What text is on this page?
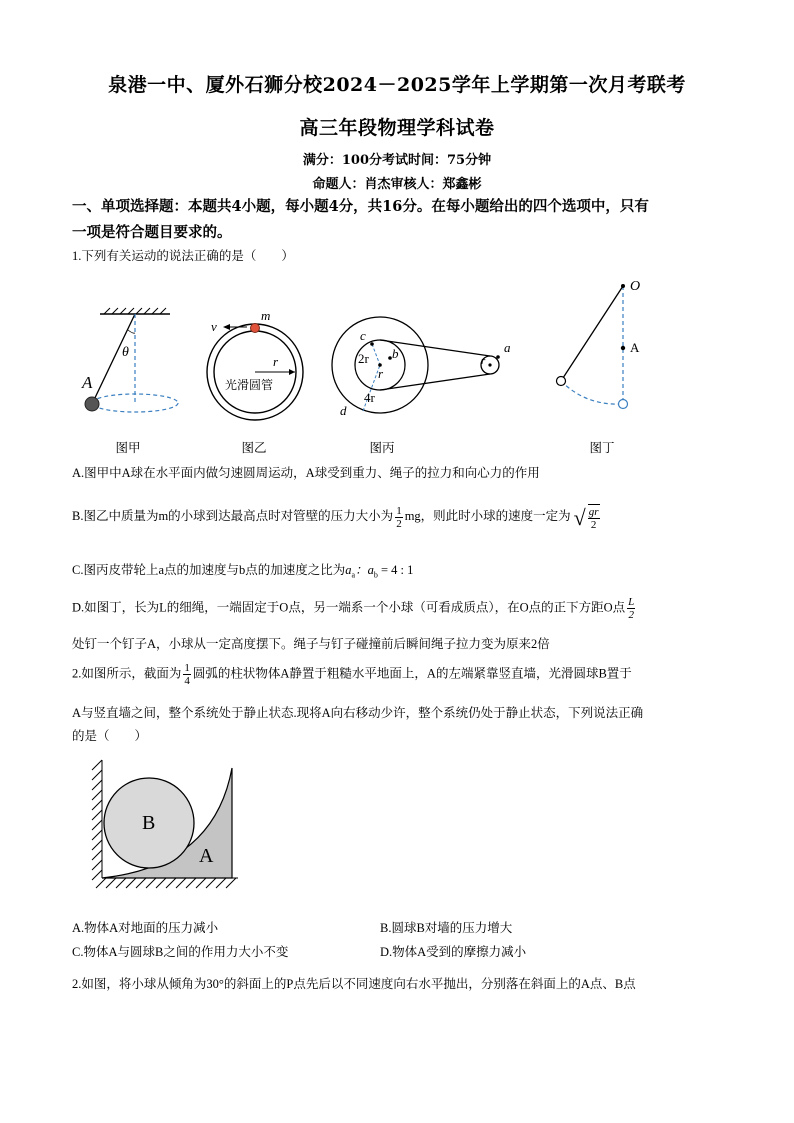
泉港一中、厦外石狮分校2024－2025学年上学期第一次月考联考
高三年段物理学科试卷
满分：100分考试时间：75分钟
命题人：肖杰审核人：郑鑫彬
一、单项选择题：本题共4小题，每小题4分，共16分。在每小题给出的四个选项中，只有
一项是符合题目要求的。
1.下列有关运动的说法正确的是（　　）
θ
A
图甲
v
m
r
光滑圆管
图乙
c
2r b
r
4r
d
a
r
图丙
O
A
图丁
A.图甲中A球在水平面内做匀速圆周运动，A球受到重力、绳子的拉力和向心力的作用
B.图乙中质量为m的小球到达最高点时对管壁的压力大小为 $\frac{1}{2}$ mg，则此时小球的速度一定为 √ $\frac{gr}{2}$
C.图丙皮带轮上a点的加速度与b点的加速度之比为$a_a$：$a_b = 4$ : 1
D.如图丁，长为L的细绳，一端固定于O点，另一端系一个小球（可看成质点），在O点的正下方距O点 $\frac{L}{2}$
处钉一个钉子A，小球从一定高度摆下。绳子与钉子碰撞前后瞬间绳子拉力变为原来2倍
2.如图所示，截面为 $\frac{1}{4}$ 圆弧的柱状物体A静置于粗糙水平地面上，A的左端紧靠竖直墙，光滑圆球B置于
A与竖直墙之间，整个系统处于静止状态.现将A向右移动少许，整个系统仍处于静止状态，下列说法正确
的是（　　）
B
A
A.物体A对地面的压力减小	B.圆球B对墙的压力增大
C.物体A与圆球B之间的作用力大小不变	D.物体A受到的摩擦力减小
2.如图，将小球从倾角为30°的斜面上的P点先后以不同速度向右水平抛出，分别落在斜面上的A点、B点
